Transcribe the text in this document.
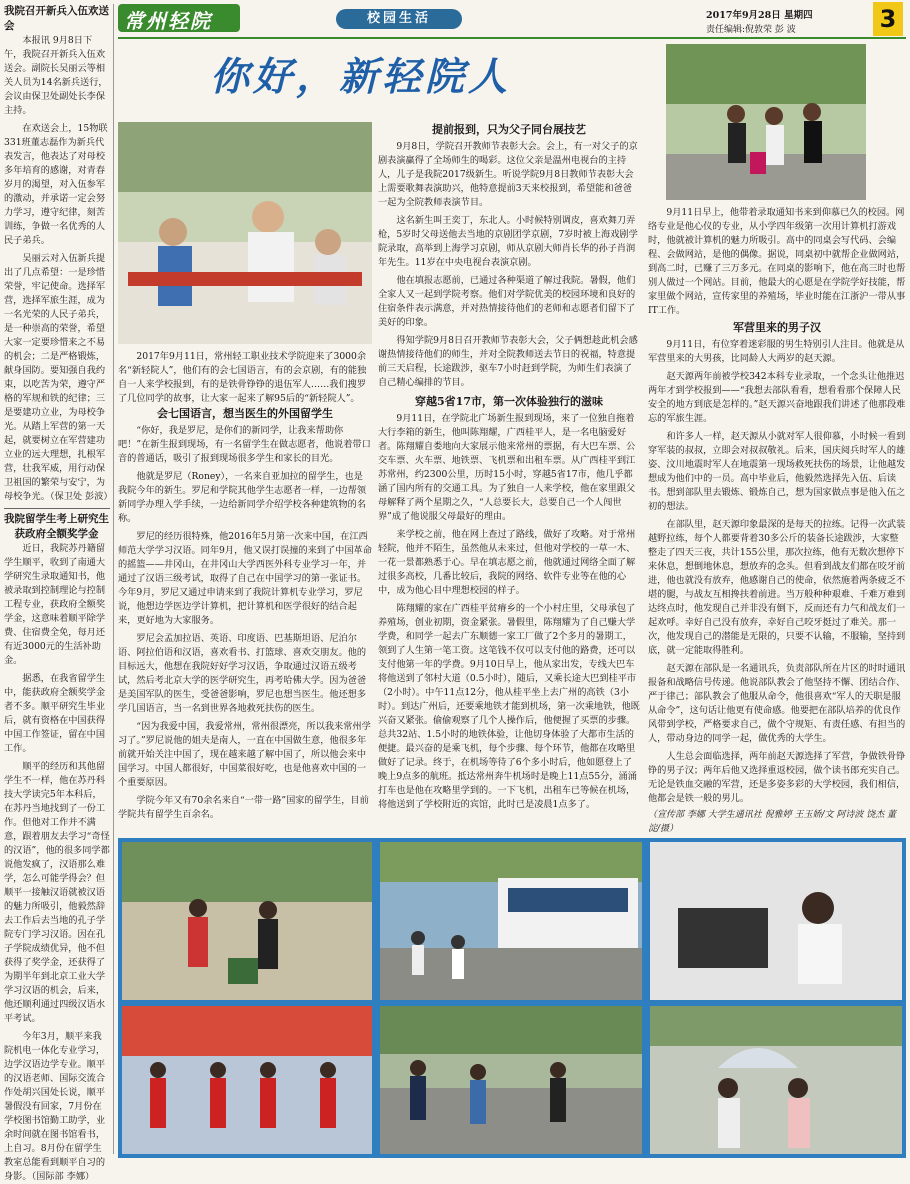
常州轻院	校园生活	2017年9月28日 星期四
责任编辑:倪敦荣 彭 波	3
我院召开新兵入伍欢送会

本报讯 9月8日下午，我院召开新兵入伍欢送会。副院长吴丽云等相关人员为14名新兵送行，会议由保卫处副处长李保主持。

在欢送会上，15物联331班董志磊作为新兵代表发言，他表达了对母校多年培育的感谢，对青春岁月的渴望，对入伍参军的激动，并承诺一定会努力学习，遵守纪律，刻苦训练，争做一名优秀的人民子弟兵。

吴丽云对入伍新兵提出了几点希望：一是珍惜荣誉，牢记使命。选择军营，选择军旅生涯，成为一名光荣的人民子弟兵，是一种崇高的荣誉，希望大家一定要珍惜来之不易的机会；二是严格锻炼，献身国防。要知强自我约束，以吃苦为荣，遵守严格的军规和铁的纪律；三是要建功立业，为母校争光。从踏上军营的第一天起，就要树立在军营建功立业的远大理想，扎根军营，壮我军威，用行动保卫祖国的繁荣与安宁，为母校争光。（保卫处 彭波）

我院留学生考上研究生
获政府全额奖学金

近日，我院苏丹籍留学生顺平，收到了南通大学研究生录取通知书，他被录取到控制理论与控制工程专业，获政府全额奖学金，这意味着顺平除学费、住宿费全免，每月还有近3000元的生活补助金。

据悉，在我省留学生中，能获政府全额奖学金者不多。顺平研究生毕业后，就有资格在中国获得中国工作签证，留在中国工作。

顺平的经历和其他留学生不一样，他在苏丹科技大学读完5年本科后，在苏丹当地找到了一份工作。但他对工作并不满意，跟着朋友去学习“奇怪的汉语”，他的很多同学都说他发疯了，汉语那么难学，怎么可能学得会？但顺平一接触汉语就被汉语的魅力所吸引，他毅然辞去工作后去当地的孔子学院专门学习汉语。因在孔子学院成绩优异，他不但获得了奖学金，还获得了为期半年到北京工业大学学习汉语的机会，后来，他还顺利通过四级汉语水平考试。

今年3月，顺平来我院机电一体化专业学习，边学汉语边学专业。顺平的汉语老师、国际交流合作处胡兴国处长说，顺平暑假没有回家，7月份在学校图书馆勤工助学，业余时间就在图书馆看书，上自习。8月份在留学生教室总能看到顺平自习的身影。（国际部 李娜）

你好，新轻院人

2017年9月11日，常州轻工职业技术学院迎来了3000余名“新轻院人”，他们有的会七国语言，有的会京剧，有的能独自一人来学校报到，有的是铁骨铮铮的退伍军人……我们搜罗了几位同学的故事，让大家一起来了解95后的“新轻院人”。

会七国语言，想当医生的外国留学生

“你好，我是罗尼，是你们的新同学，让我来帮助你吧！”在新生报到现场，有一名留学生在做志愿者，他说着带口音的普通话，吸引了报到现场很多学生和家长的目光。

他就是罗尼（Roney），一名来自亚加拉的留学生，也是我院今年的新生。罗尼和学院其他学生志愿者一样，一边帮领新同学办理入学手续，一边给新同学介绍学校各种建筑物的名称。

罗尼的经历很特殊，他2016年5月第一次来中国，在江西师范大学学习汉语。同年9月，他又误打误撞的来到了中国革命的摇篮——井冈山，在井冈山大学西医外科专业学习一年，并通过了汉语三级考试，取得了自己在中国学习的第一张证书。今年9月，罗尼又通过申请来到了我院计算机专业学习，罗尼说，他想边学医边学计算机，把计算机和医学很好的结合起来，更好地为大家服务。

罗尼会孟加拉语、英语、印度语、巴基斯坦语、尼泊尔语、阿拉伯语和汉语，喜欢看书、打篮球、喜欢交朋友。他的目标远大，他想在我院好好学习汉语，争取通过汉语五级考试，然后考北京大学的医学研究生，再考哈佛大学。因为爸爸是美国军队的医生，受爸爸影响，罗尼也想当医生。他还想多学几国语言，当一名到世界各地救死扶伤的医生。

“因为我爱中国，我爱常州，常州很漂亮，所以我来常州学习了。”罗尼说他的姐夫是南人，一直在中国做生意，他很多年前就开始关注中国了，现在越来越了解中国了，所以他会来中国学习。中国人都很好，中国菜很好吃，也是他喜欢中国的一个重要原因。

学院今年又有70余名来自“一带一路”国家的留学生，目前学院共有留学生百余名。

提前报到，只为父子同台展技艺

9月8日，学院召开教师节表彰大会。会上，有一对父子的京剧表演赢得了全场师生的喝彩。这位父亲是温州电视台的主持人，儿子是我院2017级新生。听说学院9月8日教师节表彰大会上需要歌舞表演助兴，他特意提前3天来校报到，希望能和爸爸一起为全院教师表演节目。

这名新生叫王奕丁，东北人。小时候特别调皮，喜欢舞刀弄枪，5岁时父母送他去当地的京剧团学京剧，7岁时被上海戏剧学院录取，高举到上海学习京剧，师从京剧大师肖长华的孙子肖润年先生。11岁在中央电视台表演京剧。

他在填报志愿前，已通过各种渠道了解过我院。暑假，他们全家人又一起到学院考察。他们对学院优美的校园环境和良好的住宿条件表示满意，并对热情接待他们的老师和志愿者们留下了美好的印象。

得知学院9月8日召开教师节表彰大会，父子俩想趁此机会感谢热情接待他们的师生，并对全院教师送去节日的祝福，特意提前三天启程，长途跋涉，驱车7小时赶到学院，为师生们表演了自己精心编排的节目。

穿越5省17市，第一次体验独行的滋味

9月11日，在学院北广场新生报到现场，来了一位独自拖着大行李箱的新生，他叫陈翔耀，广西桂平人，是一名电脑爱好者。陈翔耀自娄地向大家展示他来常州的票据，有大巴车票、公交车票、火车票、地铁票、飞机票和出租车票。从广西桂平到江苏常州，约2300公里，历时15小时，穿越5省17市，他几乎都涵了国内所有的交通工具。为了独自一人来学校，他在家里跟父母解释了两个星期之久，“人总要长大，总要自己一个人闯世界”成了他说服父母最好的理由。

来学校之前，他在网上查过了路线，做好了攻略。对于常州轻院，他并不陌生，虽然他从未来过，但他对学校的一草一木、一花一景都熟悉于心。早在填志愿之前，他就通过网络全面了解过很多高校，几番比较后，我院的网络、软件专业等在他的心中，成为他心目中理想校园的样子。

陈翔耀的家在广西桂平贫瘠乡的一个小村庄里，父母承包了养殖场，创业初期，资金紧张。暑假里，陈翔耀为了自己赚大学学费，和同学一起去广东顺德一家工厂做了2个多月的暑期工，领到了人生第一笔工资。这笔钱不仅可以支付他的路费，还可以支付他第一年的学费。9月10日早上，他从家出发，专线大巴车将他送到了邻村大道（0.5小时），随后，又乘长途大巴到桂平市（2小时）。中午11点12分，他从桂平坐上去广州的高铁（3小时）。到达广州后，还要乘地铁才能到机场，第一次乘地铁，他既兴奋又紧张。偷偷观察了几个人操作后，他便握了买票的步骤。总共32站、1.5小时的地铁体验，让他切身体验了大都市生活的便捷。最兴奋的是乘飞机，每个步骤、每个环节，他都在攻略里做好了记录。终于，在机场等待了6个多小时后，他如愿登上了晚上9点多的航班。抵达常州奔牛机场时是晚上11点55分，涌涌打车也是他在攻略里学到的。一下飞机，出租车已等候在机场，将他送到了学校附近的宾馆，此时已是凌晨1点多了。

9月11日早上，他带着录取通知书来到仰慕已久的校园。网络专业是他心仪的专业，从小学四年级第一次用计算机打游戏时，他就被计算机的魅力所吸引。高中的同桌会写代码、会编程、会做网站，是他的偶像。据说，同桌初中就帮企业做网站，到高二时，已赚了三万多元。在同桌的影响下，他在高三时也帮别人做过一个网站。目前，他最大的心愿是在学院学好技能，帮家里做个网站，宣传家里的养殖场，毕业时能在江浙沪一带从事IT工作。

军营里来的男子汉

9月11日，有位穿着迷彩服的男生特别引人注目。他就是从军营里来的大男孩，比同龄人大两岁的赵天源。

赵天源两年前被学校342本科专业录取，一个念头让他推迟两年才到学校报到——“我想去部队看看，想看看那个保障人民安全的地方到底是怎样的。”赵天源兴奋地跟我们讲述了他那段难忘的军旅生涯。

和许多人一样，赵天源从小就对军人很仰慕，小时候一看到穿军装的叔叔，立即会对叔叔敬礼。后来，国庆阅兵时军人的雄姿、汶川地震时军人在地震第一现场救死扶伤的场景，让他越发想成为他们中的一员。高中毕业后，他毅然选择先入伍、后读书。想到部队里去锻炼、锻炼自己，想为国家做点事是他入伍之初的想法。

在部队里，赵天源印象最深的是每天的拉练。记得一次武装越野拉练，每个人都要背着30多公斤的装备长途跋涉，大家整整走了四天三夜，共计155公里，那次拉练，他有无数次想停下来休息，想倒地休息，想放弃的念头。但看到战友们都在咬牙前进，他也就没有放弃，他感谢自己的使命，依然施着两条疲乏不堪的腿，与战友互相搀扶着前进。当万般种种艰难、千难万难到达终点时，他发现自己并非没有倒下，反而还有力气和战友们一起欢呼。幸好自己没有放弃，幸好自己咬牙挺过了难关。那一次，他发现自己的潜能是无限的，只要不认输，不服输，坚持到底，就一定能取得胜利。

赵天源在部队是一名通讯兵，负责部队所在片区的时时通讯报备和战略信号传递。他说部队教会了他坚持不懈、团结合作、严于律己；部队教会了他服从命令，他很喜欢“军人的天职是服从命令”，这句话让他更有使命感。他要把在部队培养的优良作风带到学校，严格要求自己，做个守规矩、有责任感、有担当的人，带动身边的同学一起，做优秀的大学生。

人生总会面临选择，两年前赵天源选择了军营，争做铁骨铮铮的男子汉；两年后他又选择重返校园，做个读书郎充实自己。无论是铁血交融的军营，还是多姿多彩的大学校园，我们相信，他都会是铁一般的男儿。

（宣传部 李娜 大学生通讯社 倪雅婷 王玉娇/文 阿诗波 饶杰 董淀/摄）
